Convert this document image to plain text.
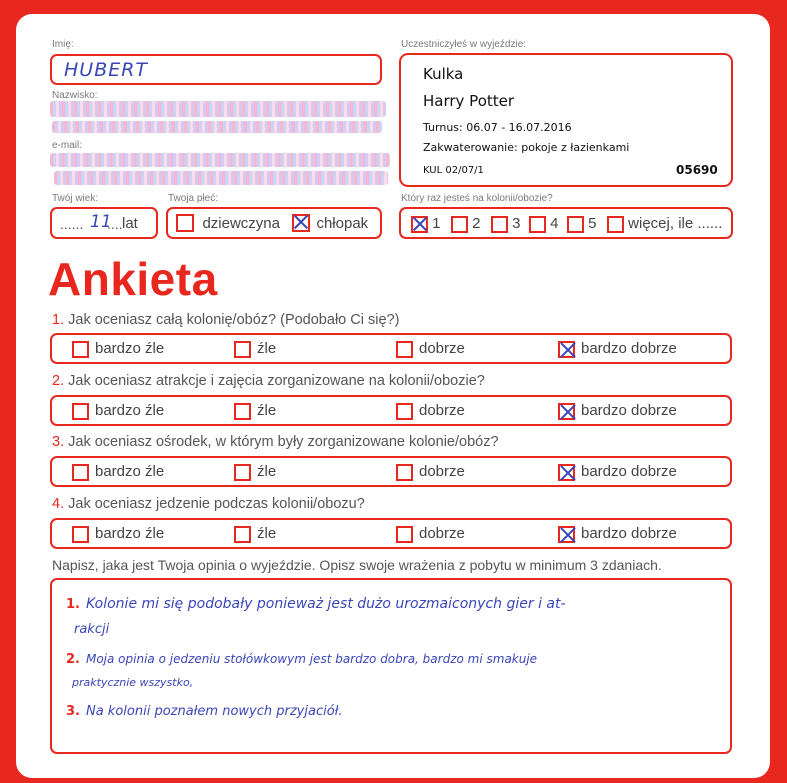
Imię:
HUBERT
Nazwisko:
e-mail:
Twój wiek:
...... 11
.... lat
Twoja płeć:
dziewczyna	chłopak
Uczestniczyłeś w wyjeździe:
Kulka
Harry Potter
Turnus: 06.07 - 16.07.2016
Zakwaterowanie: pokoje z łazienkami
KUL 02/07/1	05690
Który raz jesteś na kolonii/obozie?
1	2	3	4	5	więcej, ile ......
Ankieta
1. Jak oceniasz całą kolonię/obóz? (Podobało Ci się?)
bardzo źle	źle	dobrze	bardzo dobrze
2. Jak oceniasz atrakcje i zajęcia zorganizowane na kolonii/obozie?
bardzo źle	źle	dobrze	bardzo dobrze
3. Jak oceniasz ośrodek, w którym były zorganizowane kolonie/obóz?
bardzo źle	źle	dobrze	bardzo dobrze
4. Jak oceniasz jedzenie podczas kolonii/obozu?
bardzo źle	źle	dobrze	bardzo dobrze
Napisz, jaka jest Twoja opinia o wyjeździe. Opisz swoje wrażenia z pobytu w minimum 3 zdaniach.
1. Kolonie mi się podobały ponieważ jest dużo urozmaiconych gier i at-
rakcji
2. Moja opinia o jedzeniu stołówkowym jest bardzo dobra, bardzo mi smakuje
praktycznie wszystko,
3. Na kolonii poznałem nowych przyjaciół.
